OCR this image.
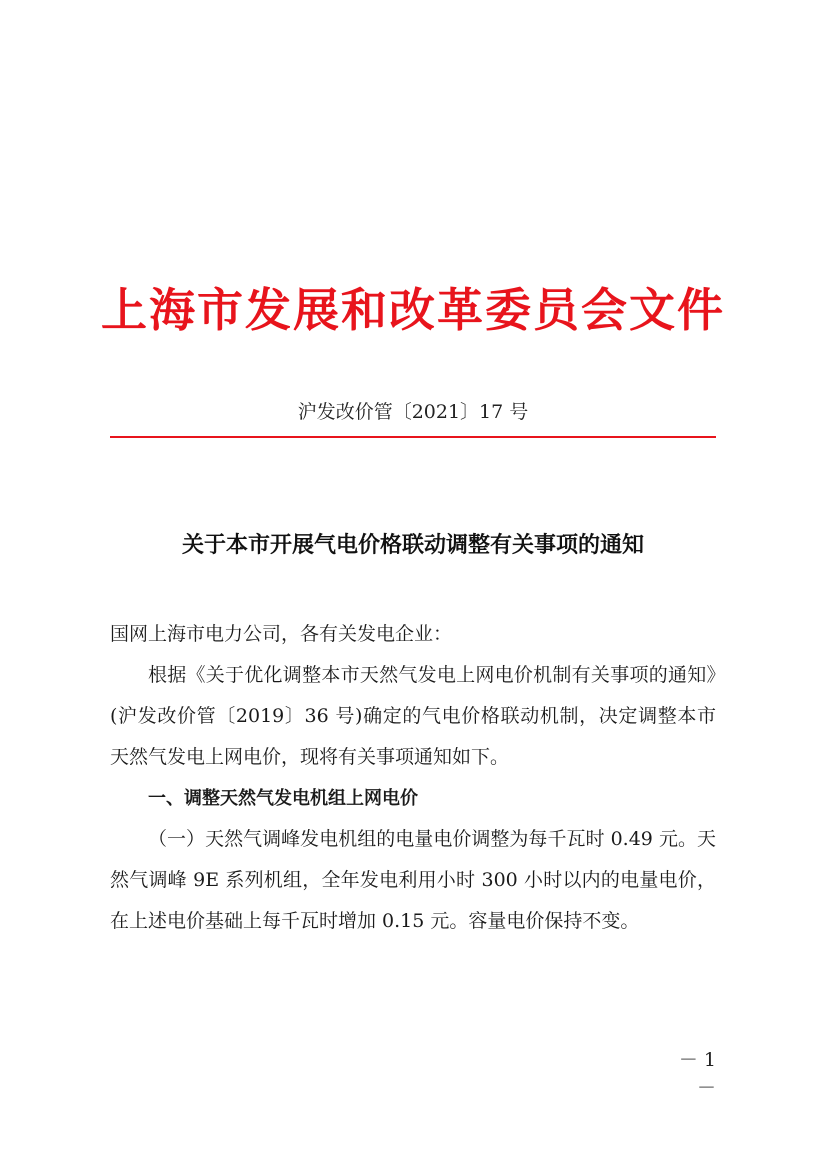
上海市发展和改革委员会文件
沪发改价管〔2021〕17 号
关于本市开展气电价格联动调整有关事项的通知

国网上海市电力公司，各有关发电企业：

根据《关于优化调整本市天然气发电上网电价机制有关事项的通知》(沪发改价管〔2019〕36 号)确定的气电价格联动机制，决定调整本市天然气发电上网电价，现将有关事项通知如下。

一、调整天然气发电机组上网电价

（一）天然气调峰发电机组的电量电价调整为每千瓦时 0.49 元。天然气调峰 9E 系列机组，全年发电利用小时 300 小时以内的电量电价，在上述电价基础上每千瓦时增加 0.15 元。容量电价保持不变。

－ 1 －
